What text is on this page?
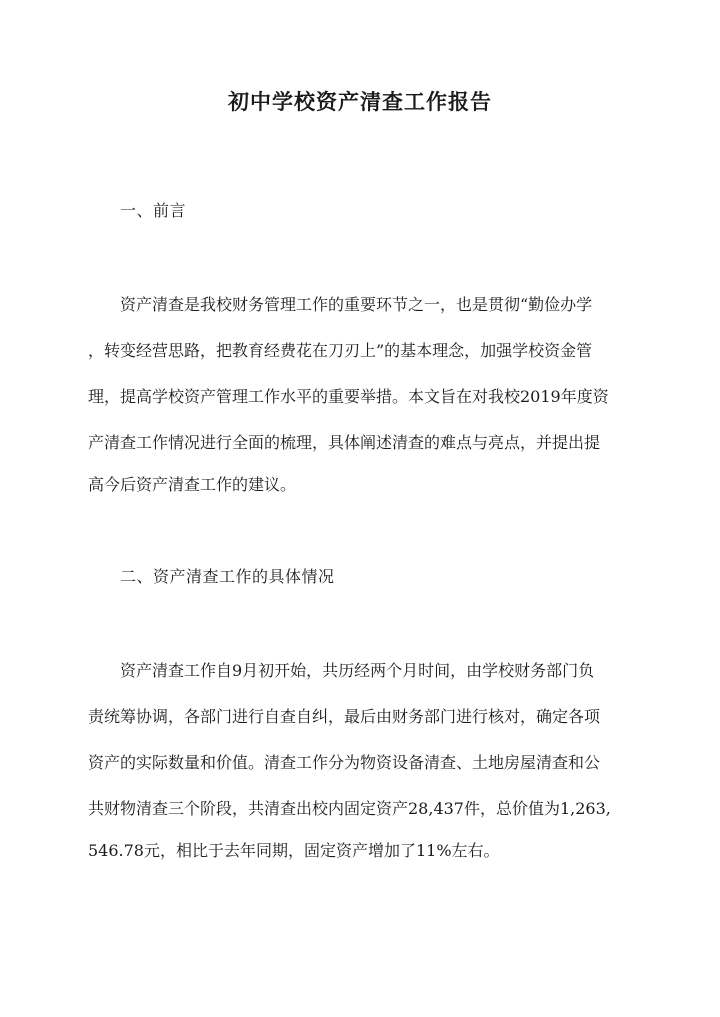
初中学校资产清查工作报告
一、前言
资产清查是我校财务管理工作的重要环节之一，也是贯彻“勤俭办学
，转变经营思路，把教育经费花在刀刃上”的基本理念，加强学校资金管
理，提高学校资产管理工作水平的重要举措。本文旨在对我校2019年度资
产清查工作情况进行全面的梳理，具体阐述清查的难点与亮点，并提出提
高今后资产清查工作的建议。
二、资产清查工作的具体情况
资产清查工作自9月初开始，共历经两个月时间，由学校财务部门负
责统筹协调，各部门进行自查自纠，最后由财务部门进行核对，确定各项
资产的实际数量和价值。清查工作分为物资设备清查、土地房屋清查和公
共财物清查三个阶段，共清查出校内固定资产28,437件，总价值为1,263,
546.78元，相比于去年同期，固定资产增加了11%左右。
